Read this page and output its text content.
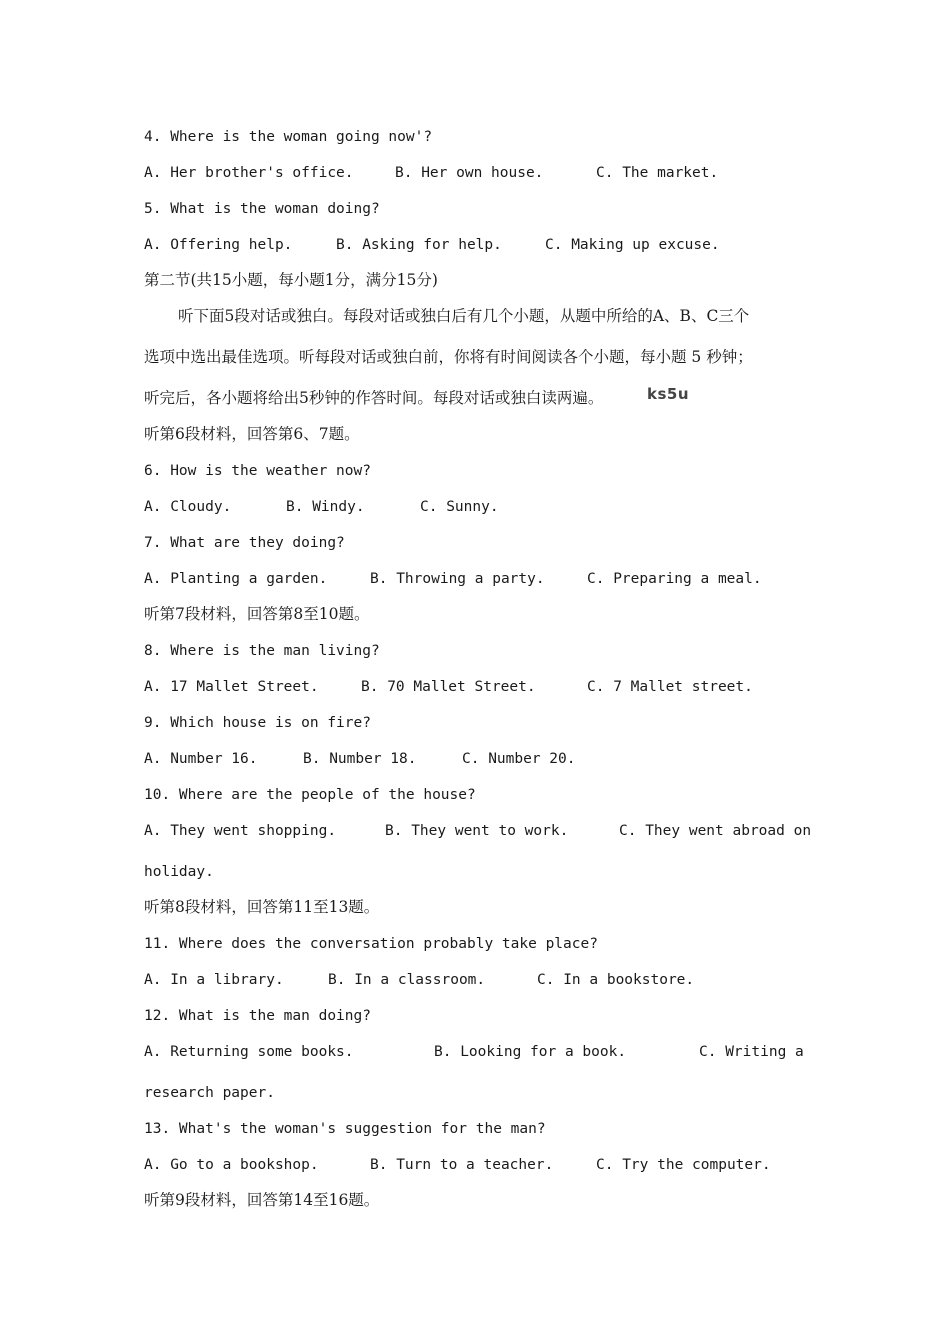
4. Where is the woman going now'?
A. Her brother's office.	B. Her own house.	C. The market.
5. What is the woman doing?
A. Offering help.	B. Asking for help.	C. Making up excuse.
第二节(共15小题，每小题1分，满分15分)
听下面5段对话或独白。每段对话或独白后有几个小题，从题中所给的A、B、C三个
选项中选出最佳选项。听每段对话或独白前，你将有时间阅读各个小题，每小题 5 秒钟；
听完后，各小题将给出5秒钟的作答时间。每段对话或独白读两遍。	ks5u
听第6段材料，回答第6、7题。
6. How is the weather now?
A. Cloudy.	B. Windy.	C. Sunny.
7. What are they doing?
A. Planting a garden.	B. Throwing a party.	C. Preparing a meal.
听第7段材料，回答第8至10题。
8. Where is the man living?
A. 17 Mallet Street.	B. 70 Mallet Street.	C. 7 Mallet street.
9. Which house is on fire?
A. Number 16.	B. Number 18.	C. Number 20.
10. Where are the people of the house?
A. They went shopping.	B. They went to work.	C. They went abroad on
holiday.
听第8段材料，回答第11至13题。
11. Where does the conversation probably take place?
A. In a library.	B. In a classroom.	C. In a bookstore.
12. What is the man doing?
A. Returning some books.	B. Looking for a book.	C. Writing a
research paper.
13. What's the woman's suggestion for the man?
A. Go to a bookshop.	B. Turn to a teacher.	C. Try the computer.
听第9段材料，回答第14至16题。
